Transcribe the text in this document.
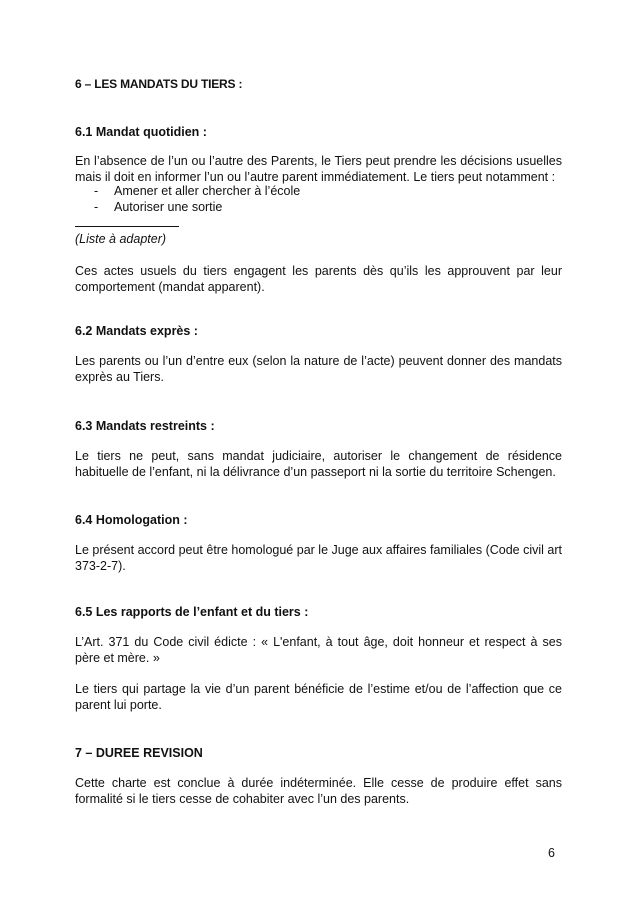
6 – LES MANDATS DU TIERS :
6.1 Mandat quotidien :

En l’absence de l’un ou l’autre des Parents, le Tiers peut prendre les décisions usuelles mais il doit en informer l’un ou l’autre parent immédiatement. Le tiers peut notamment :

- Amener et aller chercher à l’école
- Autoriser une sortie
(Liste à adapter)

Ces actes usuels du tiers engagent les parents dès qu’ils les approuvent par leur comportement (mandat apparent).

6.2 Mandats exprès :

Les parents ou l’un d’entre eux (selon la nature de l’acte) peuvent donner des mandats exprès au Tiers.

6.3 Mandats restreints :

Le tiers ne peut, sans mandat judiciaire, autoriser le changement de résidence habituelle de l’enfant, ni la délivrance d’un passeport ni la sortie du territoire Schengen.

6.4 Homologation :

Le présent accord peut être homologué par le Juge aux affaires familiales (Code civil art 373-2-7).

6.5 Les rapports de l’enfant et du tiers :

L’Art. 371 du Code civil édicte : « L'enfant, à tout âge, doit honneur et respect à ses père et mère. »

Le tiers qui partage la vie d’un parent bénéficie de l’estime et/ou de l’affection que ce parent lui porte.

7 – DUREE REVISION

Cette charte est conclue à durée indéterminée. Elle cesse de produire effet sans formalité si le tiers cesse de cohabiter avec l’un des parents.

6
